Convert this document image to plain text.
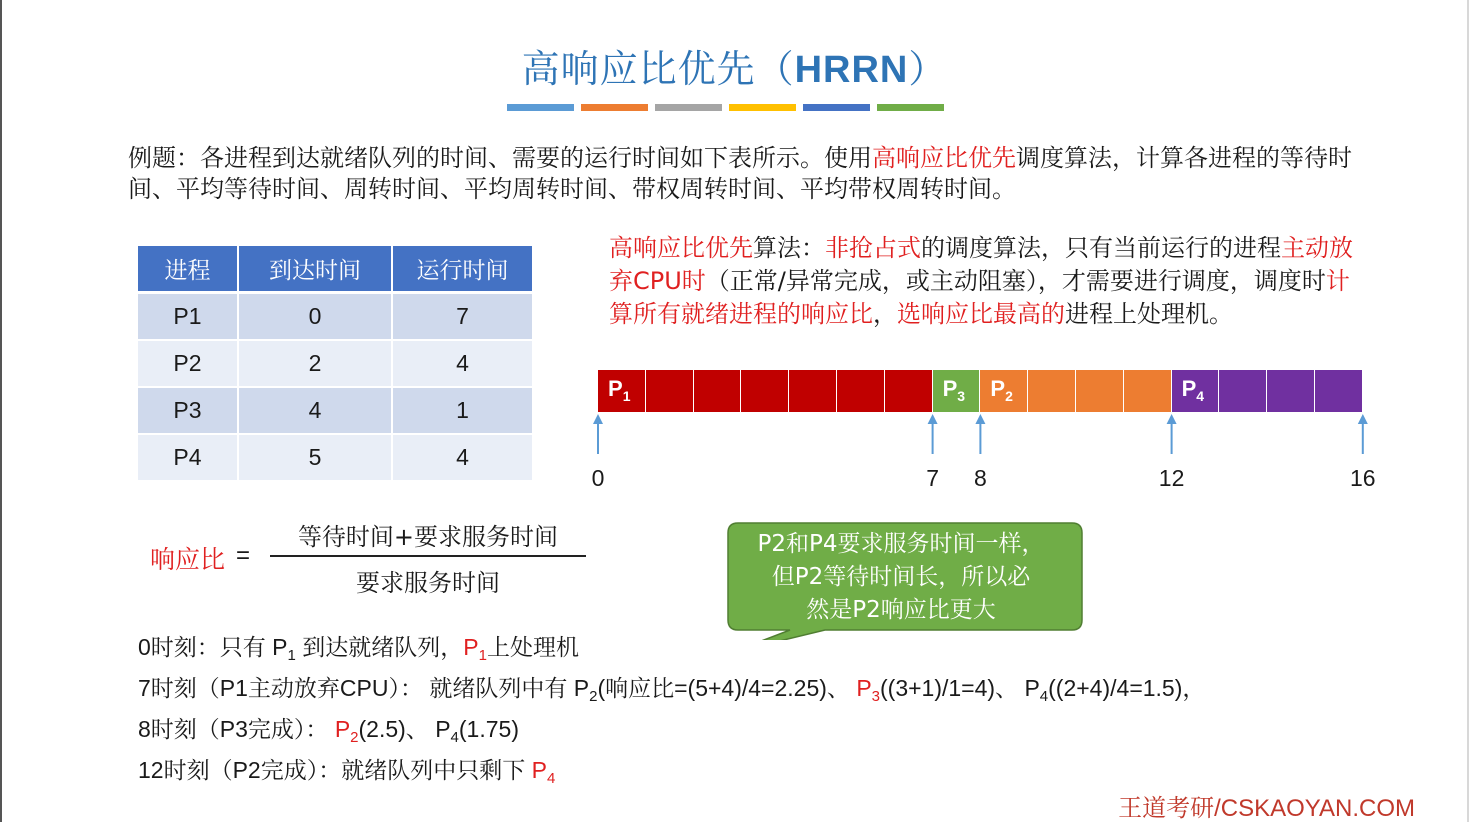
高响应比优先（HRRN）
例题：各进程到达就绪队列的时间、需要的运行时间如下表所示。使用高响应比优先调度算法，计算各进程的等待时间、平均等待时间、周转时间、平均周转时间、带权周转时间、平均带权周转时间。
进程	到达时间	运行时间
P1	0	7
P2	2	4
P3	4	1
P4	5	4
高响应比优先算法：非抢占式的调度算法，只有当前运行的进程主动放弃CPU时（正常/异常完成，或主动阻塞），才需要进行调度，调度时计算所有就绪进程的响应比，选响应比最高的进程上处理机。
$P_1$	$P_3$ $P_2$	$P_4$
0	7 8	12	16
响应比 =
等待时间+要求服务时间
要求服务时间
P2和P4要求服务时间一样，
但P2等待时间长，所以必
然是P2响应比更大
0时刻：只有 $P_1$ 到达就绪队列，$P_1$上处理机
7时刻（P1主动放弃CPU）： 就绪队列中有 $P_2$(响应比=(5+4)/4=2.25)、 $P_3((3+1)/1=4)$、 $P_4((2+4)/4=1.5)$，
8时刻（P3完成）： $P_2(2.5)$、 $P_4(1.75)$
12时刻（P2完成）：就绪队列中只剩下 $P_4$
王道考研/CSKAOYAN.COM
